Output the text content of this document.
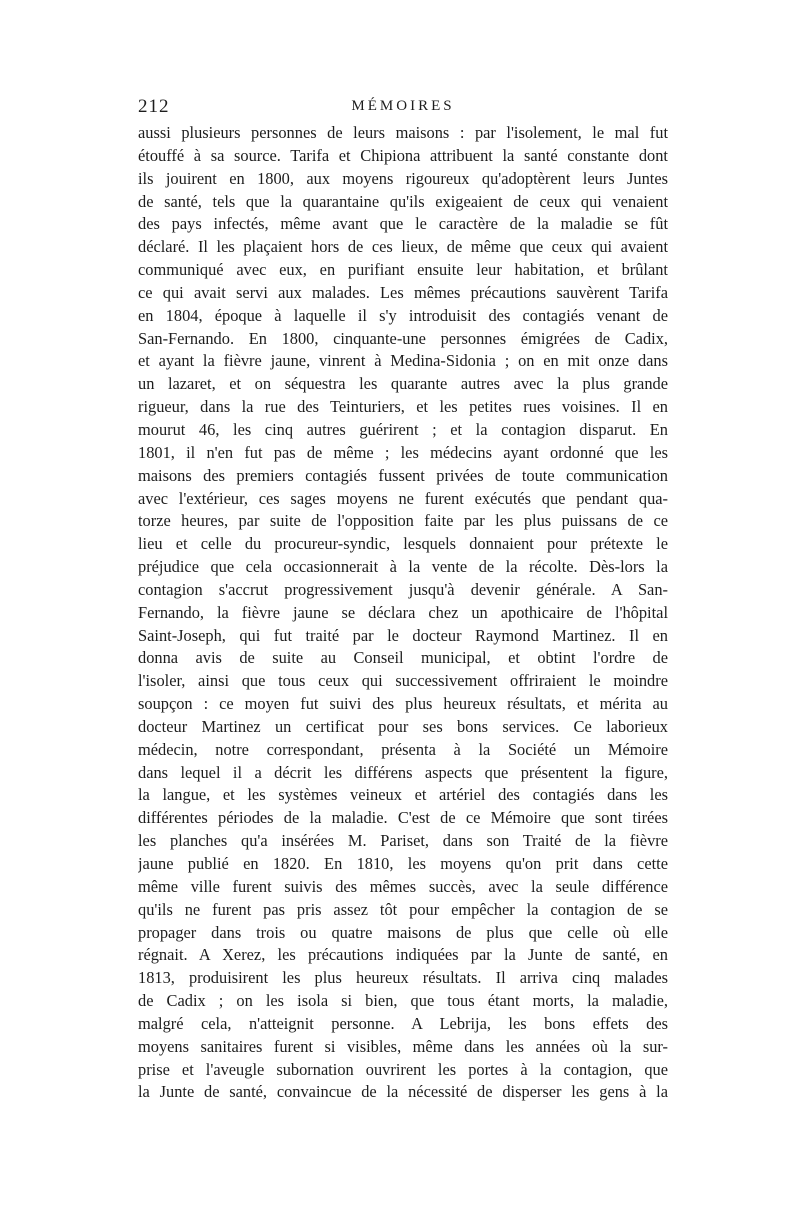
212	MÉMOIRES
aussi plusieurs personnes de leurs maisons : par l'isolement, le mal fut
étouffé à sa source. Tarifa et Chipiona attribuent la santé constante dont
ils jouirent en 1800, aux moyens rigoureux qu'adoptèrent leurs Juntes
de santé, tels que la quarantaine qu'ils exigeaient de ceux qui venaient
des pays infectés, même avant que le caractère de la maladie se fût
déclaré. Il les plaçaient hors de ces lieux, de même que ceux qui avaient
communiqué avec eux, en purifiant ensuite leur habitation, et brûlant
ce qui avait servi aux malades. Les mêmes précautions sauvèrent Tarifa
en 1804, époque à laquelle il s'y introduisit des contagiés venant de
San-Fernando. En 1800, cinquante-une personnes émigrées de Cadix,
et ayant la fièvre jaune, vinrent à Medina-Sidonia ; on en mit onze dans
un lazaret, et on séquestra les quarante autres avec la plus grande
rigueur, dans la rue des Teinturiers, et les petites rues voisines. Il en
mourut 46, les cinq autres guérirent ; et la contagion disparut. En
1801, il n'en fut pas de même ; les médecins ayant ordonné que les
maisons des premiers contagiés fussent privées de toute communication
avec l'extérieur, ces sages moyens ne furent exécutés que pendant qua-
torze heures, par suite de l'opposition faite par les plus puissans de ce
lieu et celle du procureur-syndic, lesquels donnaient pour prétexte le
préjudice que cela occasionnerait à la vente de la récolte. Dès-lors la
contagion s'accrut progressivement jusqu'à devenir générale. A San-
Fernando, la fièvre jaune se déclara chez un apothicaire de l'hôpital
Saint-Joseph, qui fut traité par le docteur Raymond Martinez. Il en
donna avis de suite au Conseil municipal, et obtint l'ordre de
l'isoler, ainsi que tous ceux qui successivement offriraient le moindre
soupçon : ce moyen fut suivi des plus heureux résultats, et mérita au
docteur Martinez un certificat pour ses bons services. Ce laborieux
médecin, notre correspondant, présenta à la Société un Mémoire
dans lequel il a décrit les différens aspects que présentent la figure,
la langue, et les systèmes veineux et artériel des contagiés dans les
différentes périodes de la maladie. C'est de ce Mémoire que sont tirées
les planches qu'a insérées M. Pariset, dans son Traité de la fièvre
jaune publié en 1820. En 1810, les moyens qu'on prit dans cette
même ville furent suivis des mêmes succès, avec la seule différence
qu'ils ne furent pas pris assez tôt pour empêcher la contagion de se
propager dans trois ou quatre maisons de plus que celle où elle
régnait. A Xerez, les précautions indiquées par la Junte de santé, en
1813, produisirent les plus heureux résultats. Il arriva cinq malades
de Cadix ; on les isola si bien, que tous étant morts, la maladie,
malgré cela, n'atteignit personne. A Lebrija, les bons effets des
moyens sanitaires furent si visibles, même dans les années où la sur-
prise et l'aveugle subornation ouvrirent les portes à la contagion, que
la Junte de santé, convaincue de la nécessité de disperser les gens à la
